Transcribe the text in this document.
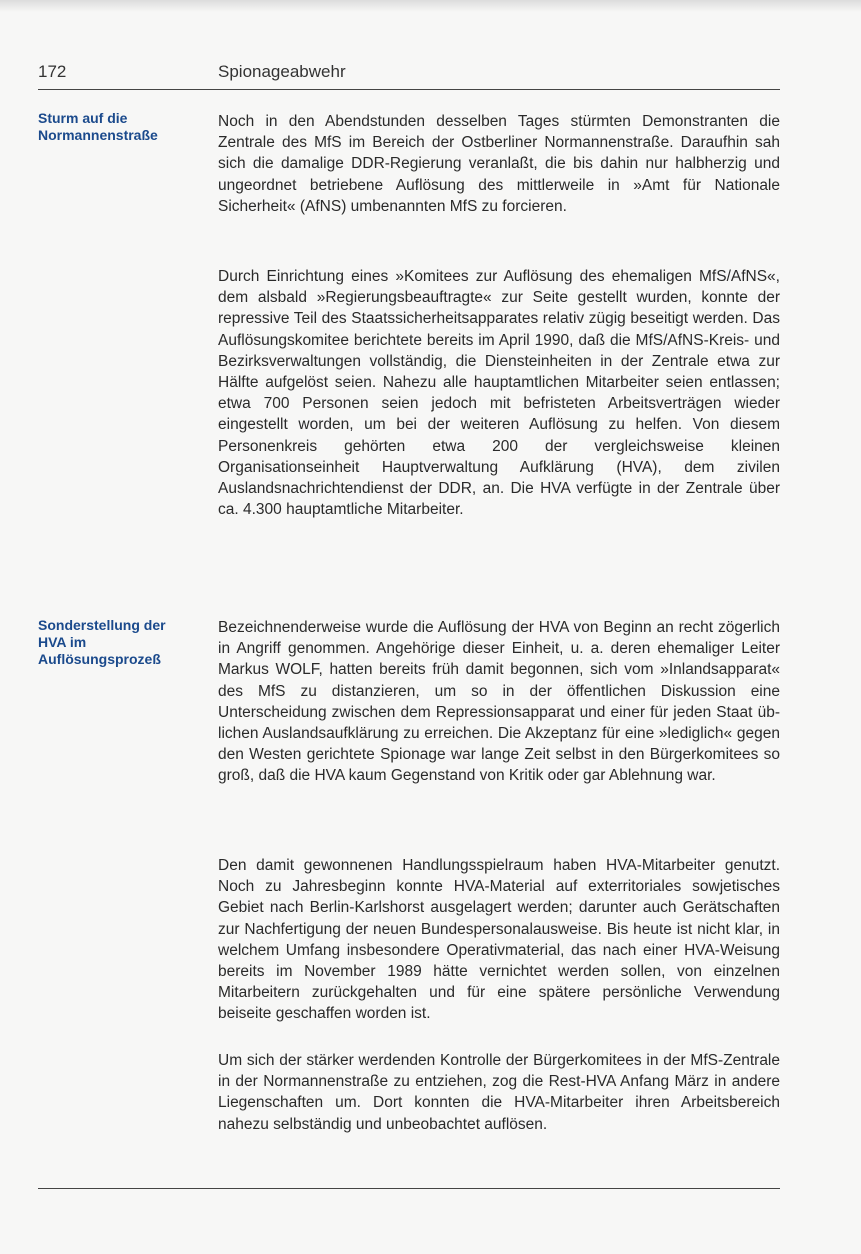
172	Spionageabwehr
Sturm auf die Normannenstraße
Sonderstellung der HVA im Auflösungsprozeß

Noch in den Abendstunden desselben Tages stürmten Demonstranten die Zentrale des MfS im Bereich der Ostberliner Normannenstraße. Daraufhin sah sich die damalige DDR-Regierung veranlaßt, die bis dahin nur halbherzig und ungeordnet betriebene Auflösung des mittlerweile in »Amt für Nationale Sicherheit« (AfNS) umbenannten MfS zu forcieren.

Durch Einrichtung eines »Komitees zur Auflösung des ehemaligen MfS/AfNS«, dem alsbald »Regierungsbeauftragte« zur Seite gestellt wurden, konnte der repressive Teil des Staatssicherheitsapparates relativ zügig beseitigt werden. Das Auflösungskomitee berichtete bereits im April 1990, daß die MfS/AfNS-Kreis- und Bezirksverwaltungen vollständig, die Diensteinheiten in der Zentrale etwa zur Hälfte aufgelöst seien. Nahezu alle hauptamtlichen Mitarbeiter seien entlassen; etwa 700 Personen seien jedoch mit befristeten Arbeitsverträgen wieder eingestellt worden, um bei der weiteren Auflösung zu helfen. Von diesem Personenkreis gehörten etwa 200 der vergleichsweise kleinen Organisationseinheit Hauptverwaltung Aufklärung (HVA), dem zivilen Auslandsnachrichtendienst der DDR, an. Die HVA verfügte in der Zentrale über ca. 4.300 hauptamtliche Mitarbeiter.

Bezeichnenderweise wurde die Auflösung der HVA von Beginn an recht zögerlich in Angriff genommen. Angehörige dieser Einheit, u. a. deren ehemaliger Leiter Markus WOLF, hatten bereits früh damit begonnen, sich vom »Inlandsapparat« des MfS zu distanzieren, um so in der öffentlichen Diskussion eine Unterscheidung zwischen dem Repressionsapparat und einer für jeden Staat üblichen Auslandsaufklärung zu erreichen. Die Akzeptanz für eine »lediglich« gegen den Westen gerichtete Spionage war lange Zeit selbst in den Bürgerkomitees so groß, daß die HVA kaum Gegenstand von Kritik oder gar Ablehnung war.

Den damit gewonnenen Handlungsspielraum haben HVA-Mitarbeiter genutzt. Noch zu Jahresbeginn konnte HVA-Material auf exterritoriales sowjetisches Gebiet nach Berlin-Karlshorst ausgelagert werden; darunter auch Gerätschaften zur Nachfertigung der neuen Bundespersonalausweise. Bis heute ist nicht klar, in welchem Umfang insbesondere Operativmaterial, das nach einer HVA-Weisung bereits im November 1989 hätte vernichtet werden sollen, von einzelnen Mitarbeitern zurückgehalten und für eine spätere persönliche Verwendung beiseite geschaffen worden ist.

Um sich der stärker werdenden Kontrolle der Bürgerkomitees in der MfS-Zentrale in der Normannenstraße zu entziehen, zog die Rest-HVA Anfang März in andere Liegenschaften um. Dort konnten die HVA-Mitarbeiter ihren Arbeitsbereich nahezu selbständig und unbeobachtet auflösen.
